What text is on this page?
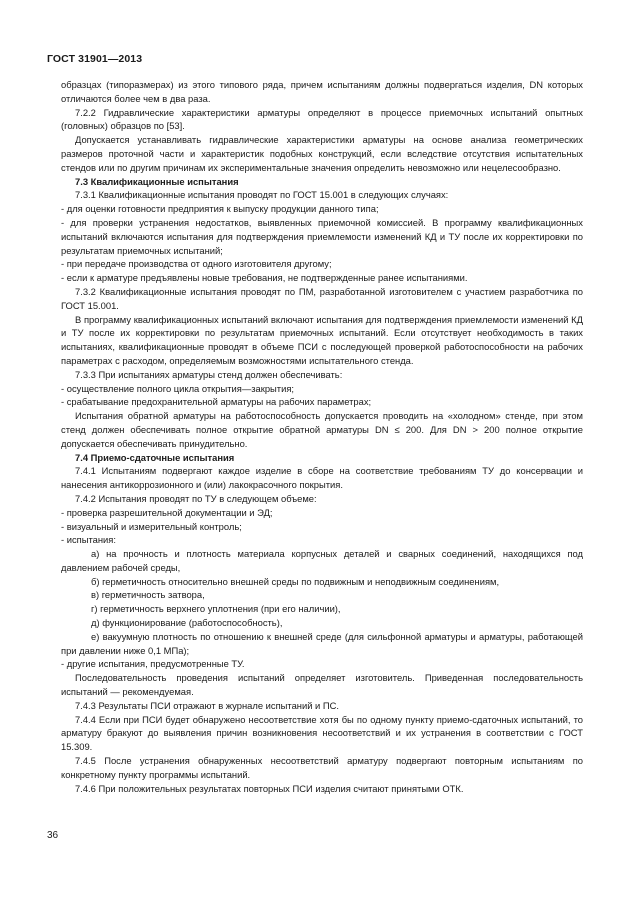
ГОСТ 31901—2013

образцах (типоразмерах) из этого типового ряда, причем испытаниям должны подвергаться изделия, DN которых отличаются более чем в два раза.

7.2.2 Гидравлические характеристики арматуры определяют в процессе приемочных испытаний опытных (головных) образцов по [53].

Допускается устанавливать гидравлические характеристики арматуры на основе анализа геометрических размеров проточной части и характеристик подобных конструкций, если вследствие отсутствия испытательных стендов или по другим причинам их экспериментальные значения определить невозможно или нецелесообразно.

7.3 Квалификационные испытания

7.3.1 Квалификационные испытания проводят по ГОСТ 15.001 в следующих случаях:

- для оценки готовности предприятия к выпуску продукции данного типа;

- для проверки устранения недостатков, выявленных приемочной комиссией. В программу квалификационных испытаний включаются испытания для подтверждения приемлемости изменений КД и ТУ после их корректировки по результатам приемочных испытаний;

- при передаче производства от одного изготовителя другому;

- если к арматуре предъявлены новые требования, не подтвержденные ранее испытаниями.

7.3.2 Квалификационные испытания проводят по ПМ, разработанной изготовителем с участием разработчика по ГОСТ 15.001.

В программу квалификационных испытаний включают испытания для подтверждения приемлемости изменений КД и ТУ после их корректировки по результатам приемочных испытаний. Если отсутствует необходимость в таких испытаниях, квалификационные проводят в объеме ПСИ с последующей проверкой работоспособности на рабочих параметрах с расходом, определяемым возможностями испытательного стенда.

7.3.3 При испытаниях арматуры стенд должен обеспечивать:

- осуществление полного цикла открытия—закрытия;

- срабатывание предохранительной арматуры на рабочих параметрах;

Испытания обратной арматуры на работоспособность допускается проводить на «холодном» стенде, при этом стенд должен обеспечивать полное открытие обратной арматуры DN ≤ 200. Для DN > 200 полное открытие допускается обеспечивать принудительно.

7.4 Приемо-сдаточные испытания

7.4.1 Испытаниям подвергают каждое изделие в сборе на соответствие требованиям ТУ до консервации и нанесения антикоррозионного и (или) лакокрасочного покрытия.

7.4.2 Испытания проводят по ТУ в следующем объеме:

- проверка разрешительной документации и ЭД;

- визуальный и измерительный контроль;

- испытания:

а) на прочность и плотность материала корпусных деталей и сварных соединений, находящихся под давлением рабочей среды,

б) герметичность относительно внешней среды по подвижным и неподвижным соединениям,

в) герметичность затвора,

г) герметичность верхнего уплотнения (при его наличии),

д) функционирование (работоспособность),

е) вакуумную плотность по отношению к внешней среде (для сильфонной арматуры и арматуры, работающей при давлении ниже 0,1 МПа);

- другие испытания, предусмотренные ТУ.

Последовательность проведения испытаний определяет изготовитель. Приведенная последовательность испытаний — рекомендуемая.

7.4.3 Результаты ПСИ отражают в журнале испытаний и ПС.

7.4.4 Если при ПСИ будет обнаружено несоответствие хотя бы по одному пункту приемо-сдаточных испытаний, то арматуру бракуют до выявления причин возникновения несоответствий и их устранения в соответствии с ГОСТ 15.309.

7.4.5 После устранения обнаруженных несоответствий арматуру подвергают повторным испытаниям по конкретному пункту программы испытаний.

7.4.6 При положительных результатах повторных ПСИ изделия считают принятыми ОТК.

36
